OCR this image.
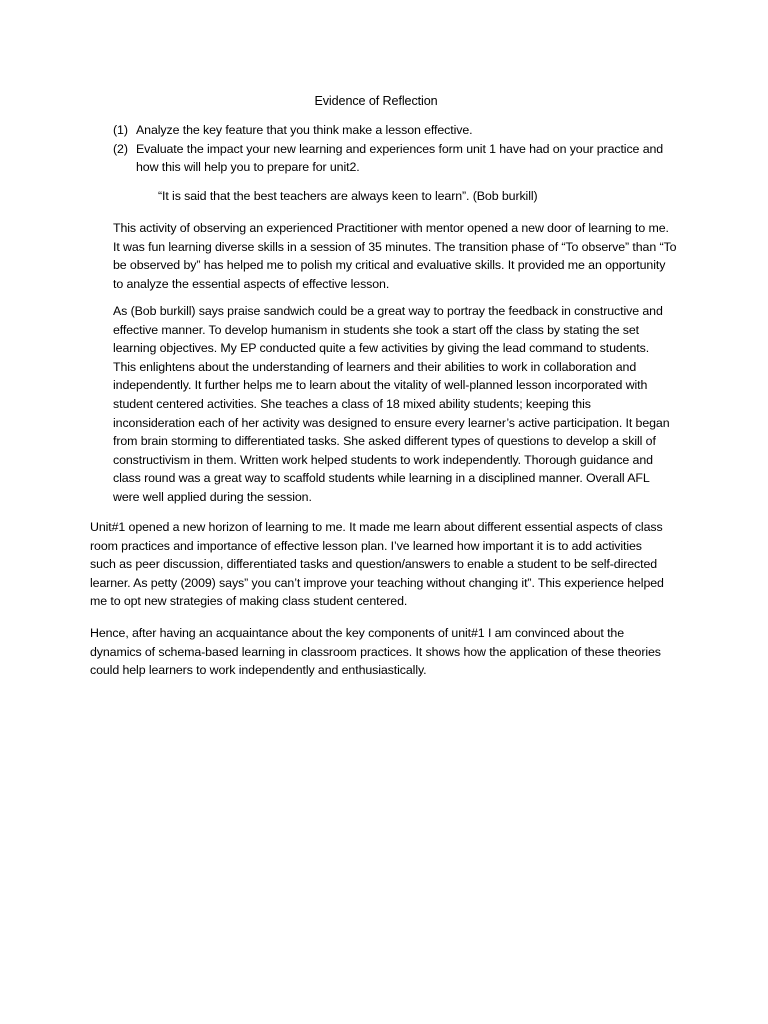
Evidence of Reflection
(1) Analyze the key feature that you think make a lesson effective.
(2) Evaluate the impact your new learning and experiences form unit 1 have had on your practice and how this will help you to prepare for unit2.
“It is said that the best teachers are always keen to learn”. (Bob burkill)

This activity of observing an experienced Practitioner with mentor opened a new door of learning to me. It was fun learning diverse skills in a session of 35 minutes. The transition phase of “To observe” than “To be observed by” has helped me to polish my critical and evaluative skills. It provided me an opportunity to analyze the essential aspects of effective lesson.

As (Bob burkill) says praise sandwich could be a great way to portray the feedback in constructive and effective manner. To develop humanism in students she took a start off the class by stating the set learning objectives. My EP conducted quite a few activities by giving the lead command to students. This enlightens about the understanding of learners and their abilities to work in collaboration and independently. It further helps me to learn about the vitality of well-planned lesson incorporated with student centered activities. She teaches a class of 18 mixed ability students; keeping this inconsideration each of her activity was designed to ensure every learner’s active participation. It began from brain storming to differentiated tasks. She asked different types of questions to develop a skill of constructivism in them. Written work helped students to work independently. Thorough guidance and class round was a great way to scaffold students while learning in a disciplined manner. Overall AFL were well applied during the session.

Unit#1 opened a new horizon of learning to me. It made me learn about different essential aspects of class room practices and importance of effective lesson plan. I’ve learned how important it is to add activities such as peer discussion, differentiated tasks and question/answers to enable a student to be self-directed learner. As petty (2009) says” you can’t improve your teaching without changing it”. This experience helped me to opt new strategies of making class student centered.

Hence, after having an acquaintance about the key components of unit#1 I am convinced about the dynamics of schema-based learning in classroom practices. It shows how the application of these theories could help learners to work independently and enthusiastically.
